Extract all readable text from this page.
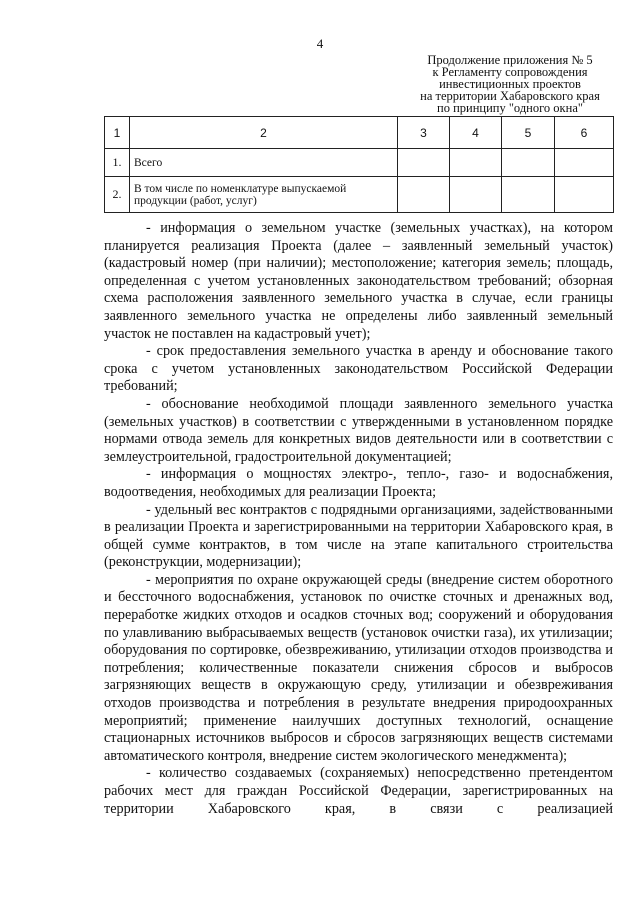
4
Продолжение приложения № 5
к Регламенту сопровождения
инвестиционных проектов
на территории Хабаровского края
по принципу "одного окна"
1	2	3	4	5	6
1.	Всего				
2.	В том числе по номенклатуре выпускаемой продукции (работ, услуг)				

- информация о земельном участке (земельных участках), на котором планируется реализация Проекта (далее – заявленный земельный участок) (кадастровый номер (при наличии); местоположение; категория земель; площадь, определенная с учетом установленных законодательством требований; обзорная схема расположения заявленного земельного участка в случае, если границы заявленного земельного участка не определены либо заявленный земельный участок не поставлен на кадастровый учет);

- срок предоставления земельного участка в аренду и обоснование такого срока с учетом установленных законодательством Российской Федерации требований;

- обоснование необходимой площади заявленного земельного участка (земельных участков) в соответствии с утвержденными в установленном порядке нормами отвода земель для конкретных видов деятельности или в соответствии с землеустроительной, градостроительной документацией;

- информация о мощностях электро-, тепло-, газо- и водоснабжения, водоотведения, необходимых для реализации Проекта;

- удельный вес контрактов с подрядными организациями, задействованными в реализации Проекта и зарегистрированными на территории Хабаровского края, в общей сумме контрактов, в том числе на этапе капитального строительства (реконструкции, модернизации);

- мероприятия по охране окружающей среды (внедрение систем оборотного и бессточного водоснабжения, установок по очистке сточных и дренажных вод, переработке жидких отходов и осадков сточных вод; сооружений и оборудования по улавливанию выбрасываемых веществ (установок очистки газа), их утилизации; оборудования по сортировке, обезвреживанию, утилизации отходов производства и потребления; количественные показатели снижения сбросов и выбросов загрязняющих веществ в окружающую среду, утилизации и обезвреживания отходов производства и потребления в результате внедрения природоохранных мероприятий; применение наилучших доступных технологий, оснащение стационарных источников выбросов и сбросов загрязняющих веществ системами автоматического контроля, внедрение систем экологического менеджмента);

- количество создаваемых (сохраняемых) непосредственно претендентом рабочих мест для граждан Российской Федерации, зарегистрированных на территории Хабаровского края, в связи с реализацией
